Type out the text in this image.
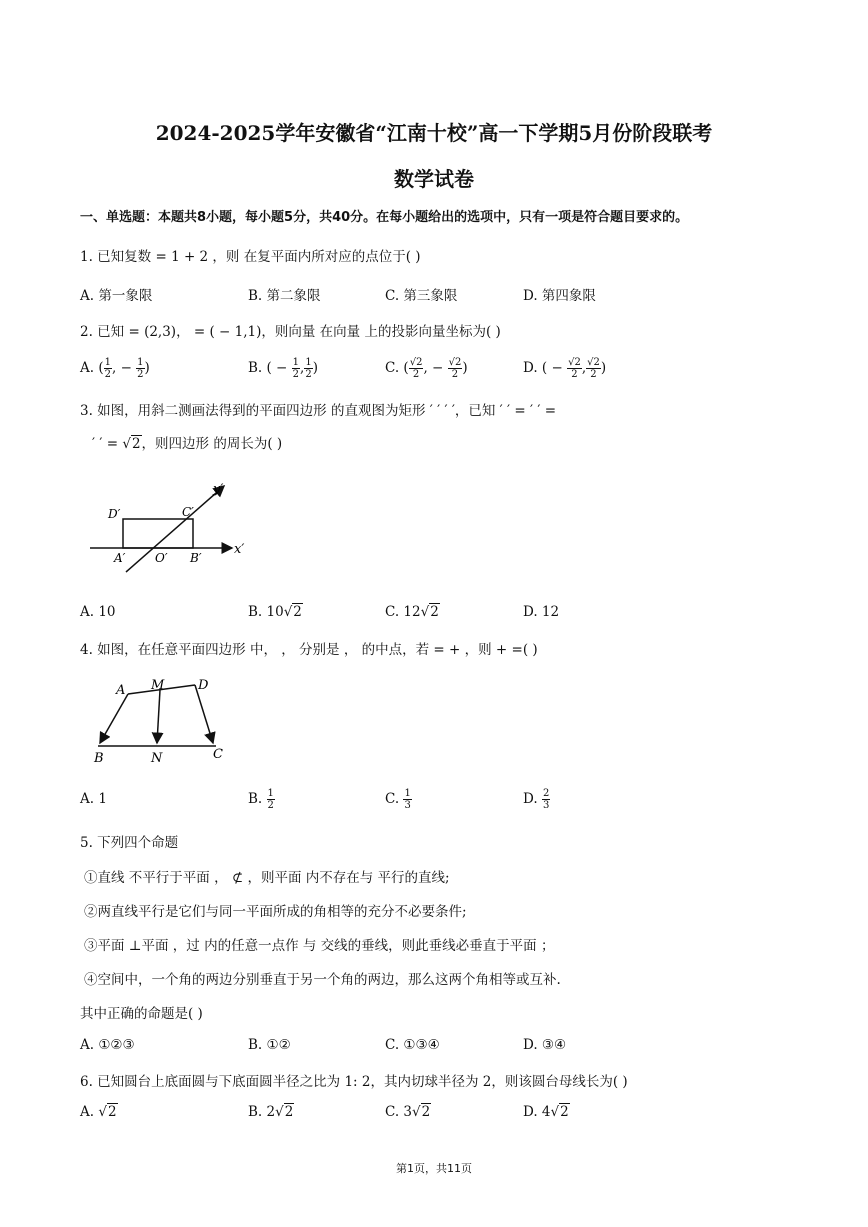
2024-2025学年安徽省“江南十校”高一下学期5月份阶段联考
数学试卷
一、单选题：本题共8小题，每小题5分，共40分。在每小题给出的选项中，只有一项是符合题目要求的。
1. 已知复数 = 1 + 2 ，则 在复平面内所对应的点位于( )
A. 第一象限	B. 第二象限	C. 第三象限	D. 第四象限
2. 已知 = (2,3)， = ( − 1,1)，则向量 在向量 上的投影向量坐标为( )
A. ( $\frac{1}{2}$ , − $\frac{1}{2}$ )	B. ( − $\frac{1}{2}$ , $\frac{1}{2}$ )	C. ( $\frac{√2}{2}$ , − $\frac{√2}{2}$ )	D. ( − $\frac{√2}{2}$ , $\frac{√2}{2}$ )
3. 如图，用斜二测画法得到的平面四边形 的直观图为矩形 ′ ′ ′ ′，已知 ′ ′ = ′ ′ =
′ ′ = √2，则四边形 的周长为( )
y′
x′
D′	C′
A′ O′ B′
A. 10	B. 10√2	C. 12√2	D. 12
4. 如图，在任意平面四边形 中， ， 分别是 ， 的中点，若 = + ，则 + =( )
A M	D
B	N	C
A. 1	B. $\frac{1}{2}$	C. $\frac{1}{3}$	D. $\frac{2}{3}$
5. 下列四个命题
①直线 不平行于平面 ， ⊄ ，则平面 内不存在与 平行的直线;
②两直线平行是它们与同一平面所成的角相等的充分不必要条件;
③平面 ⊥平面 ，过 内的任意一点作 与 交线的垂线，则此垂线必垂直于平面 ；
④空间中，一个角的两边分别垂直于另一个角的两边，那么这两个角相等或互补.
其中正确的命题是( )
A. ①②③	B. ①②	C. ①③④	D. ③④
6. 已知圆台上底面圆与下底面圆半径之比为 1: 2，其内切球半径为 2，则该圆台母线长为( )
A. √2	B. 2√2	C. 3√2	D. 4√2
第1页，共11页
